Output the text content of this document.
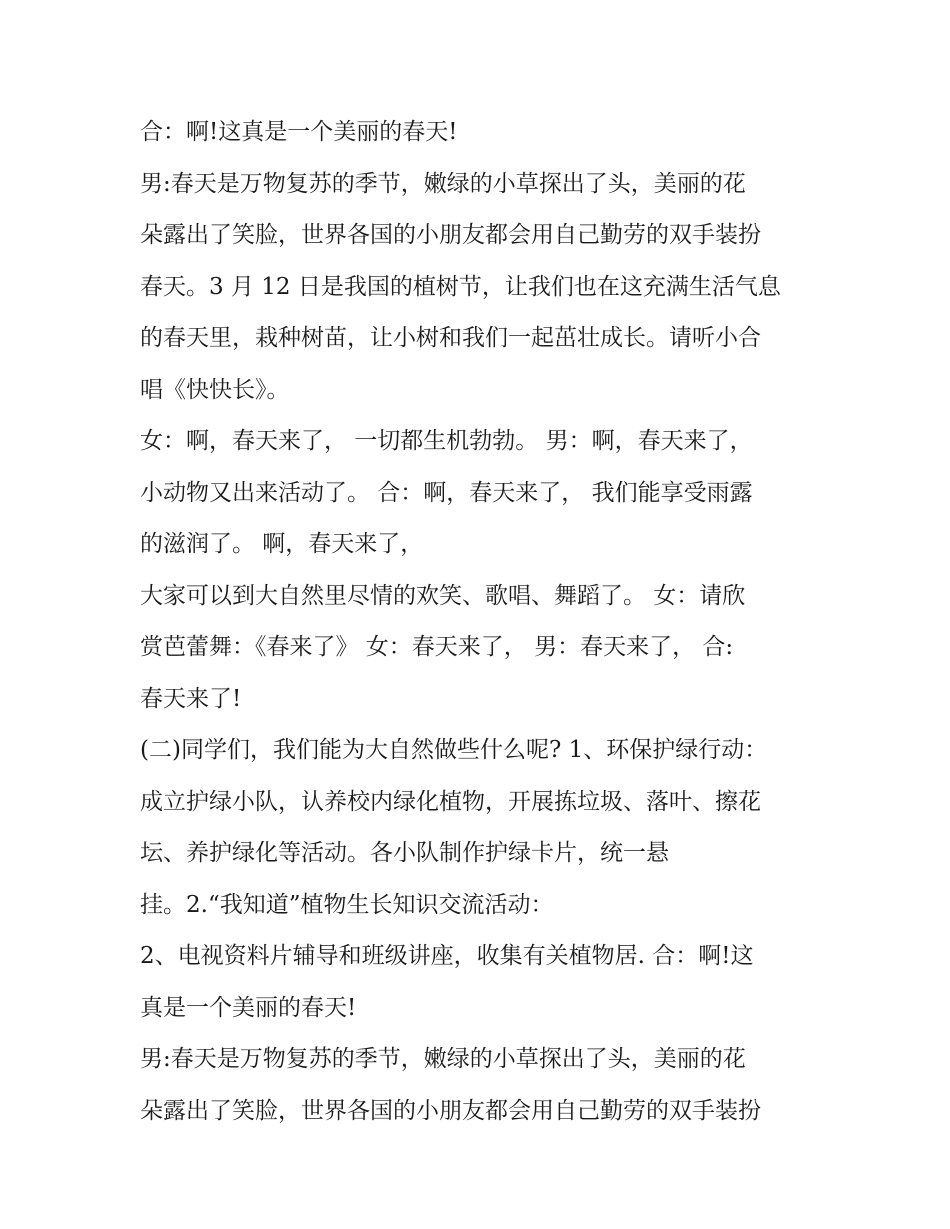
合：啊!这真是一个美丽的春天!
男:春天是万物复苏的季节，嫩绿的小草探出了头，美丽的花
朵露出了笑脸，世界各国的小朋友都会用自己勤劳的双手装扮
春天。3 月 12 日是我国的植树节，让我们也在这充满生活气息
的春天里，栽种树苗，让小树和我们一起茁壮成长。请听小合
唱《快快长》。
女：啊，春天来了， 一切都生机勃勃。 男：啊，春天来了，
小动物又出来活动了。 合：啊，春天来了， 我们能享受雨露
的滋润了。 啊，春天来了，
大家可以到大自然里尽情的欢笑、歌唱、舞蹈了。 女：请欣
赏芭蕾舞：《春来了》 女：春天来了， 男：春天来了， 合:
春天来了!
(二)同学们，我们能为大自然做些什么呢? 1、环保护绿行动：
成立护绿小队，认养校内绿化植物，开展拣垃圾、落叶、擦花
坛、养护绿化等活动。各小队制作护绿卡片，统一悬
挂。2.“我知道”植物生长知识交流活动：
2、电视资料片辅导和班级讲座，收集有关植物居. 合：啊!这
真是一个美丽的春天!
男:春天是万物复苏的季节，嫩绿的小草探出了头，美丽的花
朵露出了笑脸，世界各国的小朋友都会用自己勤劳的双手装扮
